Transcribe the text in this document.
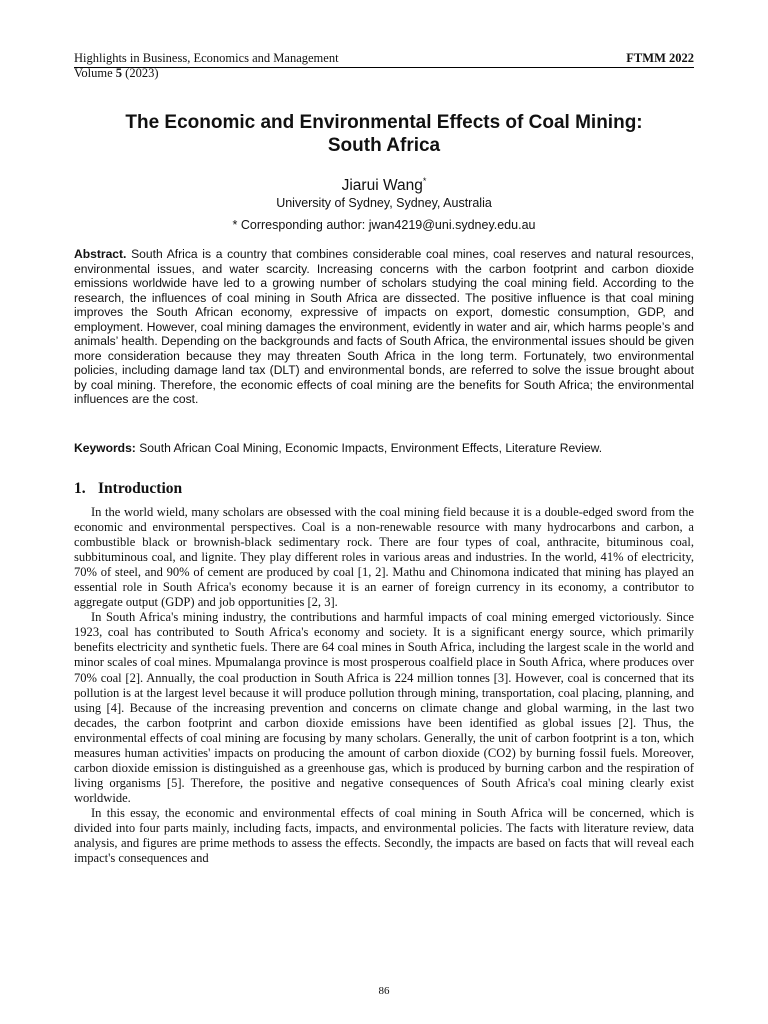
Highlights in Business, Economics and Management	FTMM 2022
Volume 5 (2023)
The Economic and Environmental Effects of Coal Mining:
South Africa
Jiarui Wang*
University of Sydney, Sydney, Australia
* Corresponding author: jwan4219@uni.sydney.edu.au

Abstract. South Africa is a country that combines considerable coal mines, coal reserves and natural resources, environmental issues, and water scarcity. Increasing concerns with the carbon footprint and carbon dioxide emissions worldwide have led to a growing number of scholars studying the coal mining field. According to the research, the influences of coal mining in South Africa are dissected. The positive influence is that coal mining improves the South African economy, expressive of impacts on export, domestic consumption, GDP, and employment. However, coal mining damages the environment, evidently in water and air, which harms people’s and animals’ health. Depending on the backgrounds and facts of South Africa, the environmental issues should be given more consideration because they may threaten South Africa in the long term. Fortunately, two environmental policies, including damage land tax (DLT) and environmental bonds, are referred to solve the issue brought about by coal mining. Therefore, the economic effects of coal mining are the benefits for South Africa; the environmental influences are the cost.

Keywords: South African Coal Mining, Economic Impacts, Environment Effects, Literature Review.

1. Introduction

In the world wield, many scholars are obsessed with the coal mining field because it is a double-edged sword from the economic and environmental perspectives. Coal is a non-renewable resource with many hydrocarbons and carbon, a combustible black or brownish-black sedimentary rock. There are four types of coal, anthracite, bituminous coal, subbituminous coal, and lignite. They play different roles in various areas and industries. In the world, 41% of electricity, 70% of steel, and 90% of cement are produced by coal [1, 2]. Mathu and Chinomona indicated that mining has played an essential role in South Africa's economy because it is an earner of foreign currency in its economy, a contributor to aggregate output (GDP) and job opportunities [2, 3].

In South Africa's mining industry, the contributions and harmful impacts of coal mining emerged victoriously. Since 1923, coal has contributed to South Africa's economy and society. It is a significant energy source, which primarily benefits electricity and synthetic fuels. There are 64 coal mines in South Africa, including the largest scale in the world and minor scales of coal mines. Mpumalanga province is most prosperous coalfield place in South Africa, where produces over 70% coal [2]. Annually, the coal production in South Africa is 224 million tonnes [3]. However, coal is concerned that its pollution is at the largest level because it will produce pollution through mining, transportation, coal placing, planning, and using [4]. Because of the increasing prevention and concerns on climate change and global warming, in the last two decades, the carbon footprint and carbon dioxide emissions have been identified as global issues [2]. Thus, the environmental effects of coal mining are focusing by many scholars. Generally, the unit of carbon footprint is a ton, which measures human activities' impacts on producing the amount of carbon dioxide (CO2) by burning fossil fuels. Moreover, carbon dioxide emission is distinguished as a greenhouse gas, which is produced by burning carbon and the respiration of living organisms [5]. Therefore, the positive and negative consequences of South Africa's coal mining clearly exist worldwide.

In this essay, the economic and environmental effects of coal mining in South Africa will be concerned, which is divided into four parts mainly, including facts, impacts, and environmental policies. The facts with literature review, data analysis, and figures are prime methods to assess the effects. Secondly, the impacts are based on facts that will reveal each impact's consequences and

86
